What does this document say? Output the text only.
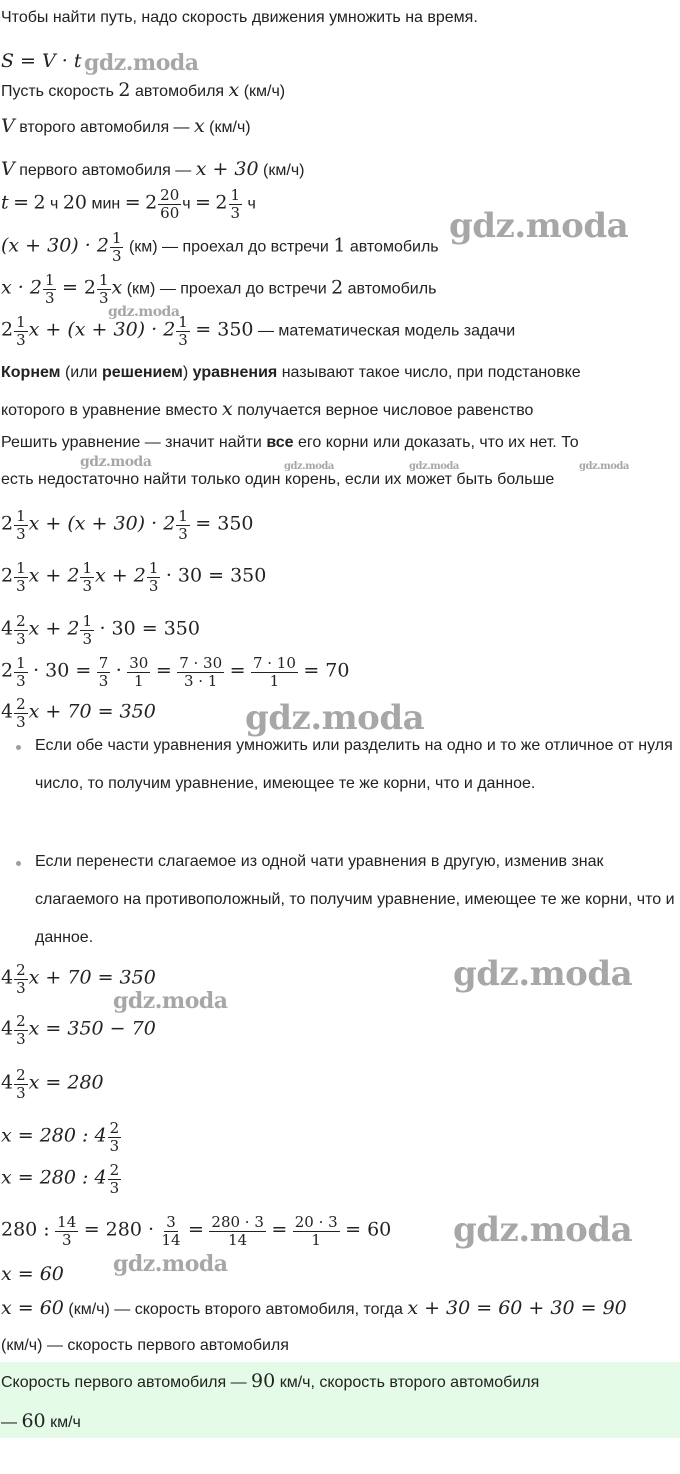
Чтобы найти путь, надо скорость движения умножить на время.
S = V · t
Пусть скорость 2 автомобиля x (км/ч)
V второго автомобиля — x (км/ч)
V первого автомобиля — x + 30 (км/ч)
t = 2 ч 20 мин = $2 \frac{20}{60}$ $ч = 2 \frac{1}{3}$ ч
$(x + 30) \cdot 2 \frac{1}{3} (км)$ — проехал до встречи 1 автомобиль
$x \cdot 2 \frac{1}{3} = 2 \frac{1}{3}$ x (км) — проехал до встречи 2 автомобиль
$2 \frac{1}{3}$ $x + (x + 30) \cdot 2 \frac{1}{3} = 350$ — математическая модель задачи
Корнем (или решением) уравнения называют такое число, при подстановке
которого в уравнение вместо x получается верное числовое равенство
Решить уравнение — значит найти все его корни или доказать, что их нет. То
есть недостаточно найти только один корень, если их может быть больше
$2 \frac{1}{3}$ $x + (x + 30) \cdot 2 \frac{1}{3} = 350$
$2 \frac{1}{3}$ $x + 2 \frac{1}{3}$ $x + 2 \frac{1}{3} \cdot 30 = 350$
$4 \frac{2}{3}$ $x + 2 \frac{1}{3} \cdot 30 = 350$
$2 \frac{1}{3} \cdot 30 = \frac{7}{3} \cdot \frac{30}{1} = \frac{7 \cdot 30}{3 \cdot 1} = \frac{7 \cdot 10}{1} = 70$
$4 \frac{2}{3}$ x + 70 = 350
Если обе части уравнения умножить или разделить на одно и то же отличное от нуля число, то получим уравнение, имеющее те же корни, что и данное.
Если перенести слагаемое из одной чати уравнения в другую, изменив знак слагаемого на противоположный, то получим уравнение, имеющее те же корни, что и данное.
$4 \frac{2}{3}$ x + 70 = 350
$4 \frac{2}{3}$ x = 350 − 70
$4 \frac{2}{3}$ x = 280
x = 280 : $4 \frac{2}{3}$
x = 280 : $4 \frac{2}{3}$
280 : $\frac{14}{3} = 280 \cdot \frac{3}{14} = \frac{280 \cdot 3}{14} = \frac{20 \cdot 3}{1} = 60$
x = 60
x = 60 (км/ч) — скорость второго автомобиля, тогда x + 30 = 60 + 30 = 90
(км/ч) — скорость первого автомобиля

Скорость первого автомобиля — 90 км/ч, скорость второго автомобиля
— 60 км/ч

gdz.moda
gdz.moda
gdz.moda
gdz.moda	gdz.moda	gdz.moda	gdz.moda
gdz.moda
gdz.moda
gdz.moda
gdz.moda
gdz.moda
